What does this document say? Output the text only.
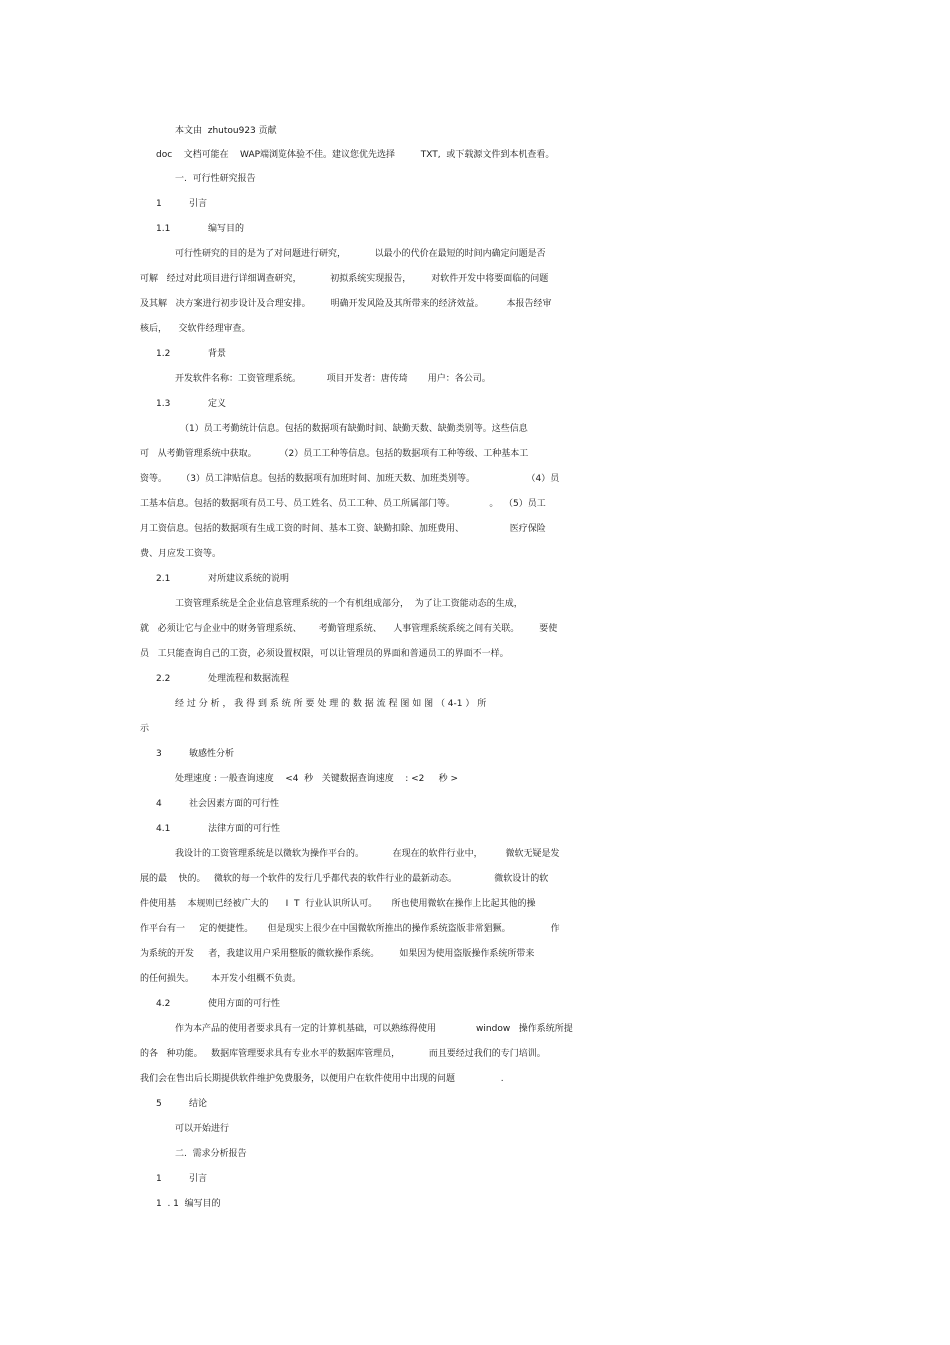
本文由  zhutou923 贡献
doc    文档可能在    WAP端浏览体验不佳。建议您优先选择         TXT,  或下载源文件到本机查看。
一.  可行性研究报告
1	引言
1.1	编写目的
可行性研究的目的是为了对问题进行研究，          以最小的代价在最短的时间内确定问题是否
可解   经过对此项目进行详细调查研究，          初拟系统实现报告，       对软件开发中将要面临的问题
及其解   决方案进行初步设计及合理安排。       明确开发风险及其所带来的经济效益。        本报告经审
核后，    交软件经理审查。
1.2	背景
开发软件名称：工资管理系统。         项目开发者：唐传琦       用户：各公司。
1.3	定义
（1）员工考勤统计信息。包括的数据项有缺勤时间、缺勤天数、缺勤类别等。这些信息
可   从考勤管理系统中获取。        （2）员工工种等信息。包括的数据项有工种等级、工种基本工
资等。     （3）员工津贴信息。包括的数据项有加班时间、加班天数、加班类别等。                  （4）员
工基本信息。包括的数据项有员工号、员工姓名、员工工种、员工所属部门等。            。  （5）员工
月工资信息。包括的数据项有生成工资的时间、基本工资、缺勤扣除、加班费用、                医疗保险
费、月应发工资等。
2.1	对所建议系统的说明
工资管理系统是全企业信息管理系统的一个有机组成部分，  为了让工资能动态的生成，
就   必须让它与企业中的财务管理系统、      考勤管理系统、    人事管理系统系统之间有关联。       要使
员   工只能查询自己的工资，必须设置权限，可以让管理员的界面和普通员工的界面不一样。
2.2	处理流程和数据流程
经 过 分 析 ， 我 得 到 系 统 所 要 处 理 的 数 据 流 程 图 如 图 （ 4-1 ） 所
示
3	敏感性分析
处理速度 : 一般查询速度    <4  秒   关键数据查询速度    : <2     秒 >
4	社会因素方面的可行性
4.1	法律方面的可行性
我设计的工资管理系统是以微软为操作平台的。          在现在的软件行业中，        微软无疑是发
展的最    快的。   微软的每一个软件的发行几乎都代表的软件行业的最新动态。             微软设计的软
件使用基    本规则已经被广大的      I  T  行业认识所认可。     所也使用微软在操作上比起其他的操
作平台有一     定的便捷性。     但是现实上很少在中国微软所推出的操作系统盗版非常猖獗。              作
为系统的开发     者，我建议用户采用整版的微软操作系统。       如果因为使用盗版操作系统所带来
的任何损失。      本开发小组概不负责。
4.2	使用方面的可行性
作为本产品的使用者要求具有一定的计算机基础，可以熟练得使用              window   操作系统所提
的各   种功能。   数据库管理要求具有专业水平的数据库管理员，          而且要经过我们的专门培训。
我们会在售出后长期提供软件维护免费服务，以便用户在软件使用中出现的问题                .
5	结论
可以开始进行
二.  需求分析报告
1	引言
1  . 1  编写目的
